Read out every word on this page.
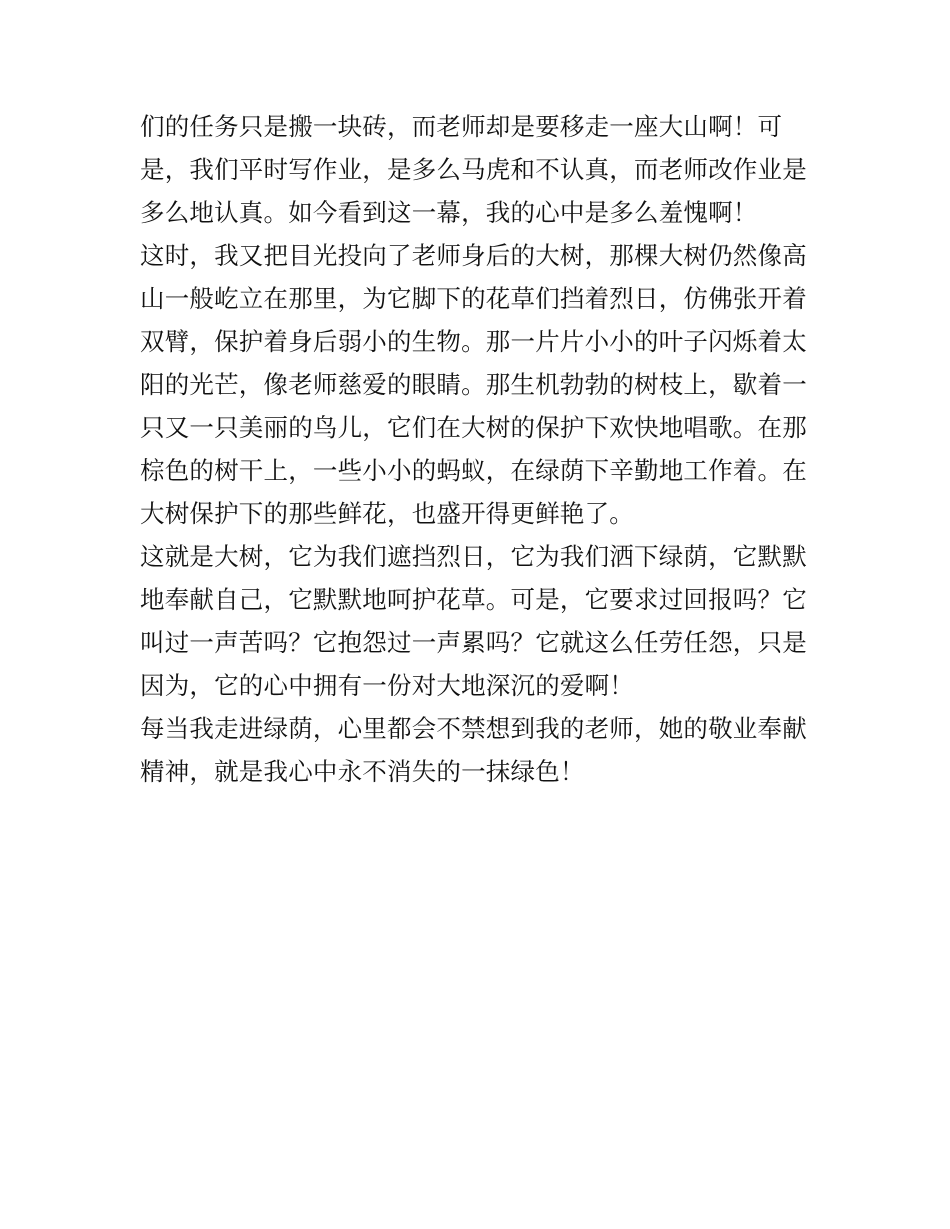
们的任务只是搬一块砖，而老师却是要移走一座大山啊！可
是，我们平时写作业，是多么马虎和不认真，而老师改作业是
多么地认真。如今看到这一幕，我的心中是多么羞愧啊！
这时，我又把目光投向了老师身后的大树，那棵大树仍然像高
山一般屹立在那里，为它脚下的花草们挡着烈日，仿佛张开着
双臂，保护着身后弱小的生物。那一片片小小的叶子闪烁着太
阳的光芒，像老师慈爱的眼睛。那生机勃勃的树枝上，歇着一
只又一只美丽的鸟儿，它们在大树的保护下欢快地唱歌。在那
棕色的树干上，一些小小的蚂蚁，在绿荫下辛勤地工作着。在
大树保护下的那些鲜花，也盛开得更鲜艳了。
这就是大树，它为我们遮挡烈日，它为我们洒下绿荫，它默默
地奉献自己，它默默地呵护花草。可是，它要求过回报吗？它
叫过一声苦吗？它抱怨过一声累吗？它就这么任劳任怨，只是
因为，它的心中拥有一份对大地深沉的爱啊！
每当我走进绿荫，心里都会不禁想到我的老师，她的敬业奉献
精神，就是我心中永不消失的一抹绿色！
